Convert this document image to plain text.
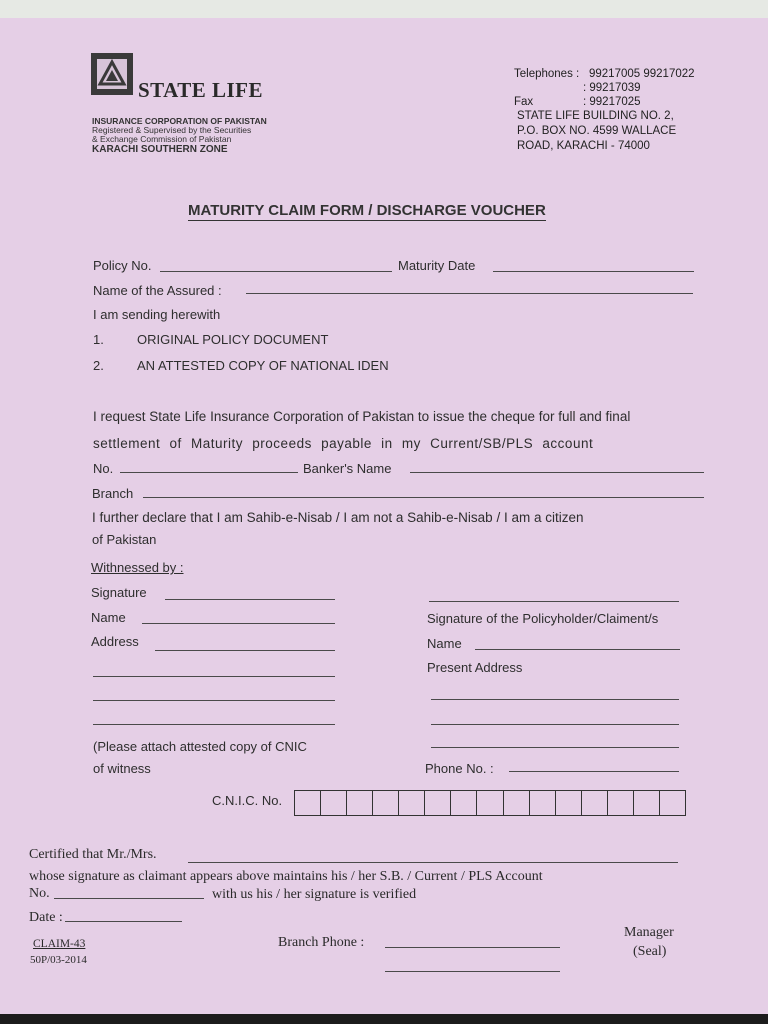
STATE LIFE
INSURANCE CORPORATION OF PAKISTAN
Registered & Supervised by the Securities
& Exchange Commission of Pakistan
KARACHI SOUTHERN ZONE
Telephones : 99217005 99217022
: 99217039
Fax	: 99217025
STATE LIFE BUILDING NO. 2,
P.O. BOX NO. 4599 WALLACE
ROAD, KARACHI - 74000
MATURITY CLAIM FORM / DISCHARGE VOUCHER
Policy No.	Maturity Date
Name of the Assured :
I am sending herewith
1.	ORIGINAL POLICY DOCUMENT
2.	AN ATTESTED COPY OF NATIONAL IDEN
I request State Life Insurance Corporation of Pakistan to issue the cheque for full and final
settlement of Maturity proceeds payable in my Current/SB/PLS account
No.	Banker's Name
Branch
I further declare that I am Sahib-e-Nisab / I am not a Sahib-e-Nisab / I am a citizen
of Pakistan
Withnessed by :
Signature
Name
Address
(Please attach attested copy of CNIC
of witness
Signature of the Policyholder/Claiment/s
Name
Present Address
Phone No. :
C.N.I.C. No.
Certified that Mr./Mrs.
whose signature as claimant appears above maintains his / her S.B. / Current / PLS Account
No.	with us his / her signature is verified
Date :
CLAIM-43
50P/03-2014
Branch Phone :
Manager
(Seal)
